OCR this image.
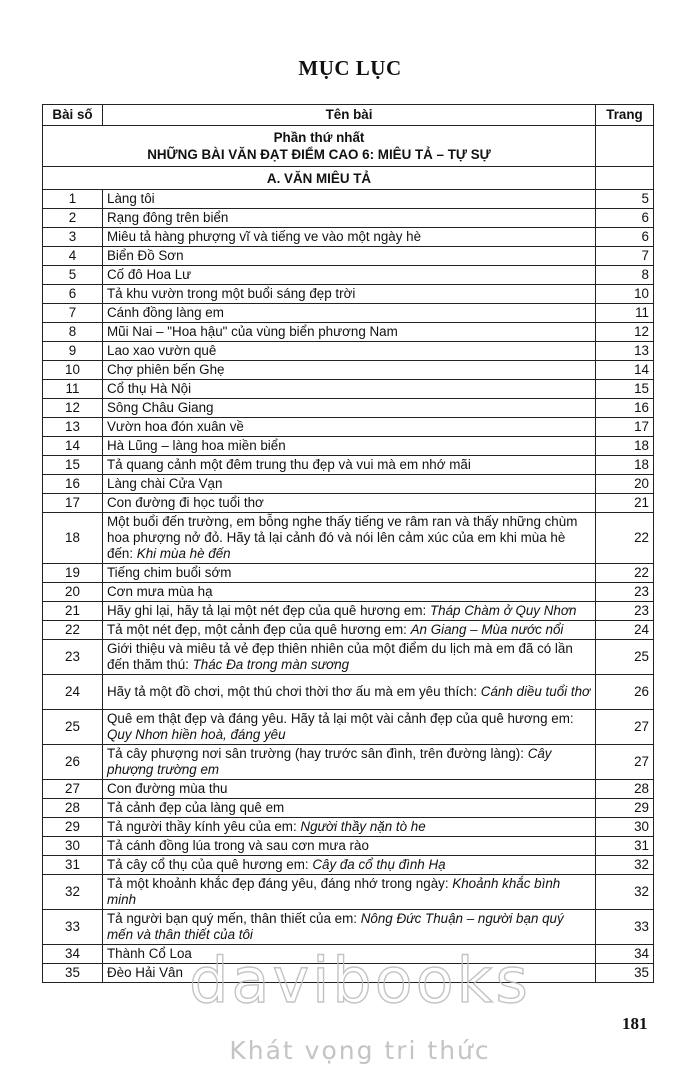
MỤC LỤC
Bài số	Tên bài	Trang

Phần thứ nhất
NHỮNG BÀI VĂN ĐẠT ĐIỂM CAO 6: MIÊU TẢ – TỰ SỰ		

A. VĂN MIÊU TẢ		
1	Làng tôi	5
2	Rạng đông trên biển	6
3	Miêu tả hàng phượng vĩ và tiếng ve vào một ngày hè	6
4	Biển Đồ Sơn	7
5	Cố đô Hoa Lư	8
6	Tả khu vườn trong một buổi sáng đẹp trời	10
7	Cánh đồng làng em	11
8	Mũi Nai – "Hoa hậu" của vùng biển phương Nam	12
9	Lao xao vườn quê	13
10	Chợ phiên bến Ghẹ	14
11	Cổ thụ Hà Nội	15
12	Sông Châu Giang	16
13	Vườn hoa đón xuân về	17
14	Hà Lũng – làng hoa miền biển	18
15	Tả quang cảnh một đêm trung thu đẹp và vui mà em nhớ mãi	18
16	Làng chài Cửa Vạn	20
17	Con đường đi học tuổi thơ	21
18	Một buổi đến trường, em bỗng nghe thấy tiếng ve râm ran và thấy những chùm hoa phượng nở đỏ. Hãy tả lại cảnh đó và nói lên cảm xúc của em khi mùa hè đến: Khi mùa hè đến	22
19	Tiếng chim buổi sớm	22
20	Cơn mưa mùa hạ	23
21	Hãy ghi lại, hãy tả lại một nét đẹp của quê hương em: Tháp Chàm ở Quy Nhơn	23
22	Tả một nét đẹp, một cảnh đẹp của quê hương em: An Giang – Mùa nước nổi	24
23	Giới thiệu và miêu tả vẻ đẹp thiên nhiên của một điểm du lịch mà em đã có lần đến thăm thú: Thác Đa trong màn sương	25
24	Hãy tả một đồ chơi, một thú chơi thời thơ ấu mà em yêu thích: Cánh diều tuổi thơ	26
25	Quê em thật đẹp và đáng yêu. Hãy tả lại một vài cảnh đẹp của quê hương em: Quy Nhơn hiền hoà, đáng yêu	27
26	Tả cây phượng nơi sân trường (hay trước sân đình, trên đường làng): Cây phượng trường em	27
27	Con đường mùa thu	28
28	Tả cảnh đẹp của làng quê em	29
29	Tả người thầy kính yêu của em: Người thầy nặn tò he	30
30	Tả cánh đồng lúa trong và sau cơn mưa rào	31
31	Tả cây cổ thụ của quê hương em: Cây đa cổ thụ đình Hạ	32
32	Tả một khoảnh khắc đẹp đáng yêu, đáng nhớ trong ngày: Khoảnh khắc bình minh	32
33	Tả người bạn quý mến, thân thiết của em: Nông Đức Thuận – người bạn quý mến và thân thiết của tôi	33
34	Thành Cổ Loa	34
35	Đèo Hải Vân	35
181
davibooks
Khát vọng tri thức
